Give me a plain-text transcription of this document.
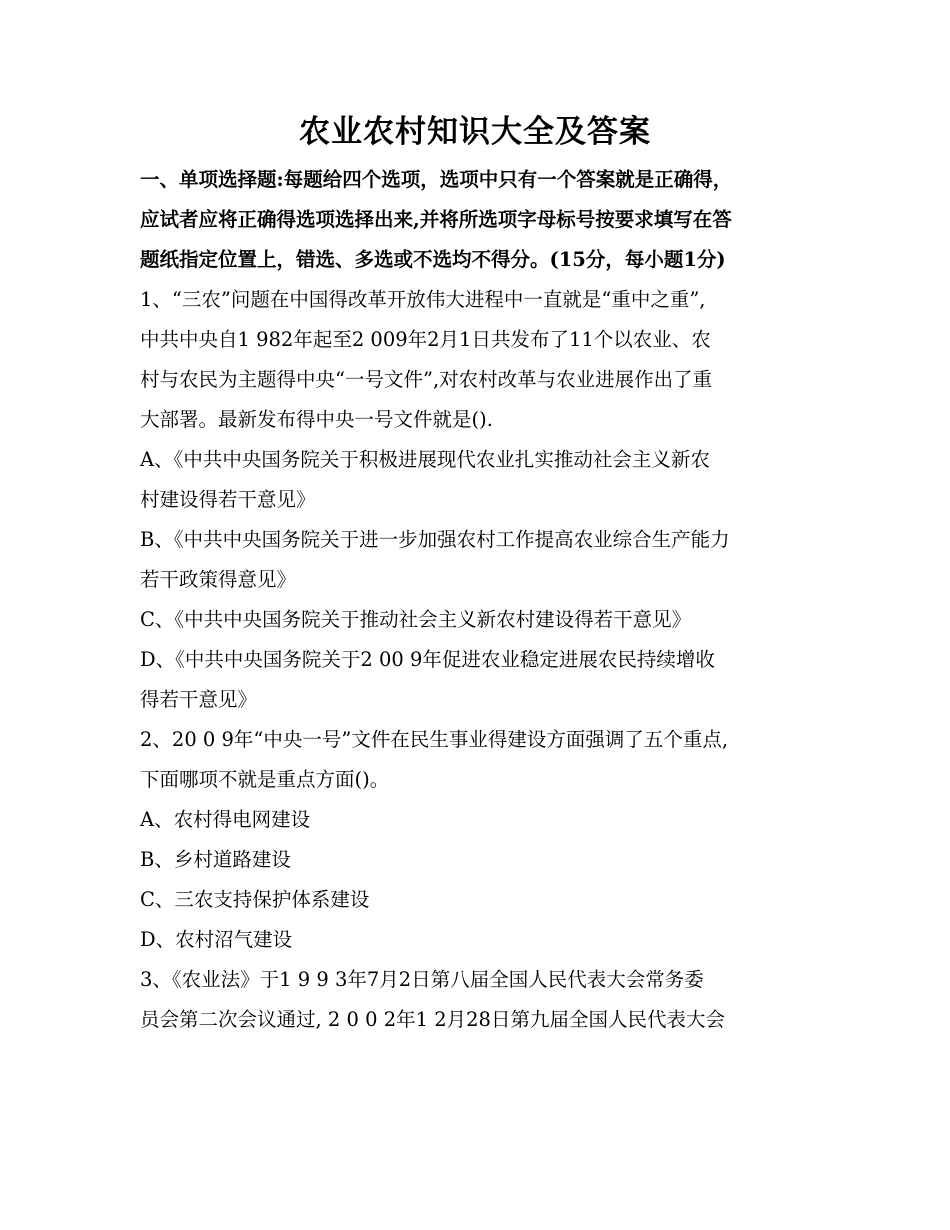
农业农村知识大全及答案
一、单项选择题:每题给四个选项，选项中只有一个答案就是正确得，
应试者应将正确得选项选择出来,并将所选项字母标号按要求填写在答
题纸指定位置上，错选、多选或不选均不得分。(15分，每小题1分)
1、“三农”问题在中国得改革开放伟大进程中一直就是“重中之重”,
中共中央自1 982年起至2 009年2月1日共发布了11个以农业、农
村与农民为主题得中央“一号文件”,对农村改革与农业进展作出了重
大部署。最新发布得中央一号文件就是().
A、《中共中央国务院关于积极进展现代农业扎实推动社会主义新农
村建设得若干意见》
B、《中共中央国务院关于进一步加强农村工作提高农业综合生产能力
若干政策得意见》
C、《中共中央国务院关于推动社会主义新农村建设得若干意见》
D、《中共中央国务院关于2 00 9年促进农业稳定进展农民持续增收
得若干意见》
2、20 0 9年“中央一号”文件在民生事业得建设方面强调了五个重点,
下面哪项不就是重点方面()。
A、农村得电网建设
B、乡村道路建设
C、三农支持保护体系建设
D、农村沼气建设
3、《农业法》于1 9 9 3年7月2日第八届全国人民代表大会常务委
员会第二次会议通过, 2 0 0 2年1 2月28日第九届全国人民代表大会
